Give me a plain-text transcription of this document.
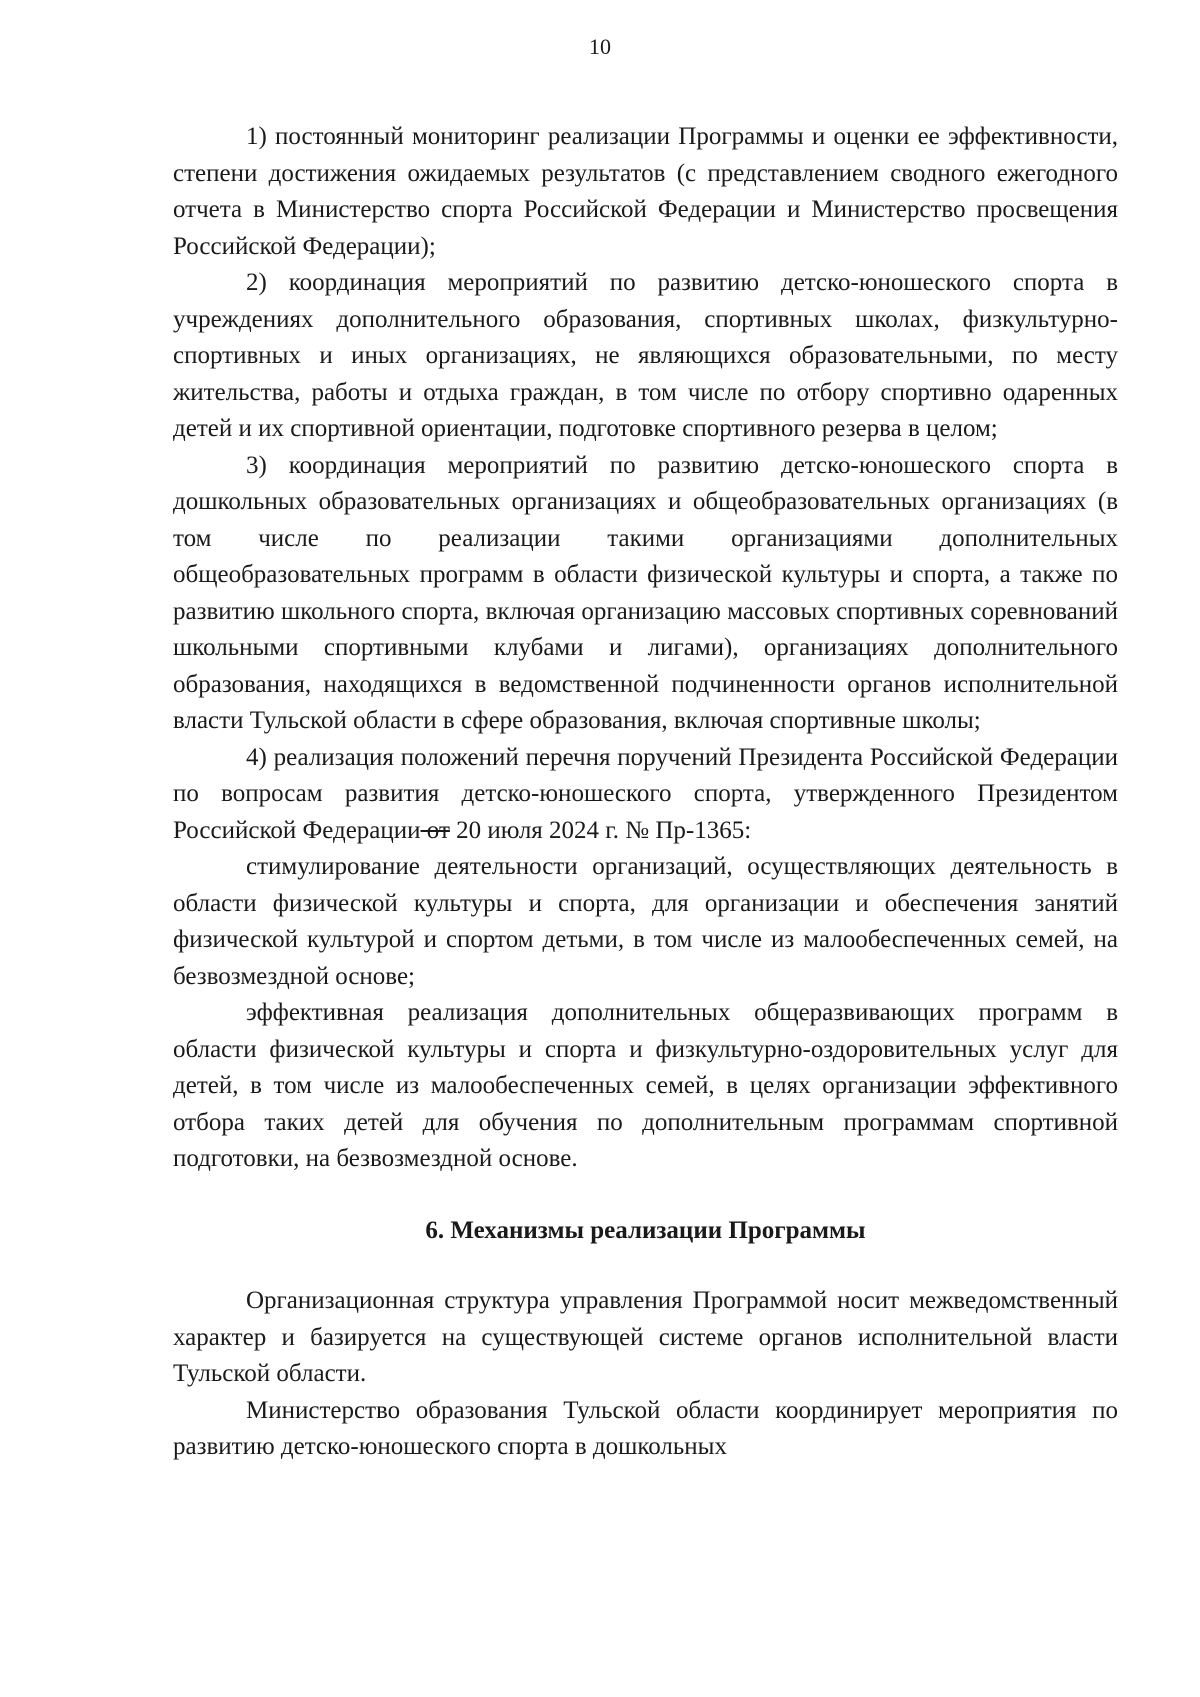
10

1) постоянный мониторинг реализации Программы и оценки ее эффективности, степени достижения ожидаемых результатов (с представлением сводного ежегодного отчета в Министерство спорта Российской Федерации и Министерство просвещения Российской Федерации);

2) координация мероприятий по развитию детско-юношеского спорта в учреждениях дополнительного образования, спортивных школах, физкультурно-спортивных и иных организациях, не являющихся образовательными, по месту жительства, работы и отдыха граждан, в том числе по отбору спортивно одаренных детей и их спортивной ориентации, подготовке спортивного резерва в целом;

3) координация мероприятий по развитию детско-юношеского спорта в дошкольных образовательных организациях и общеобразовательных организациях (в том числе по реализации такими организациями дополнительных общеобразовательных программ в области физической культуры и спорта, а также по развитию школьного спорта, включая организацию массовых спортивных соревнований школьными спортивными клубами и лигами), организациях дополнительного образования, находящихся в ведомственной подчиненности органов исполнительной власти Тульской области в сфере образования, включая спортивные школы;

4) реализация положений перечня поручений Президента Российской Федерации по вопросам развития детско-юношеского спорта, утвержденного Президентом Российской Федерации от 20 июля 2024 г. № Пр-1365:

стимулирование деятельности организаций, осуществляющих деятельность в области физической культуры и спорта, для организации и обеспечения занятий физической культурой и спортом детьми, в том числе из малообеспеченных семей, на безвозмездной основе;

эффективная реализация дополнительных общеразвивающих программ в области физической культуры и спорта и физкультурно-оздоровительных услуг для детей, в том числе из малообеспеченных семей, в целях организации эффективного отбора таких детей для обучения по дополнительным программам спортивной подготовки, на безвозмездной основе.

6. Механизмы реализации Программы

Организационная структура управления Программой носит межведомственный характер и базируется на существующей системе органов исполнительной власти Тульской области.

Министерство образования Тульской области координирует мероприятия по развитию детско-юношеского спорта в дошкольных
